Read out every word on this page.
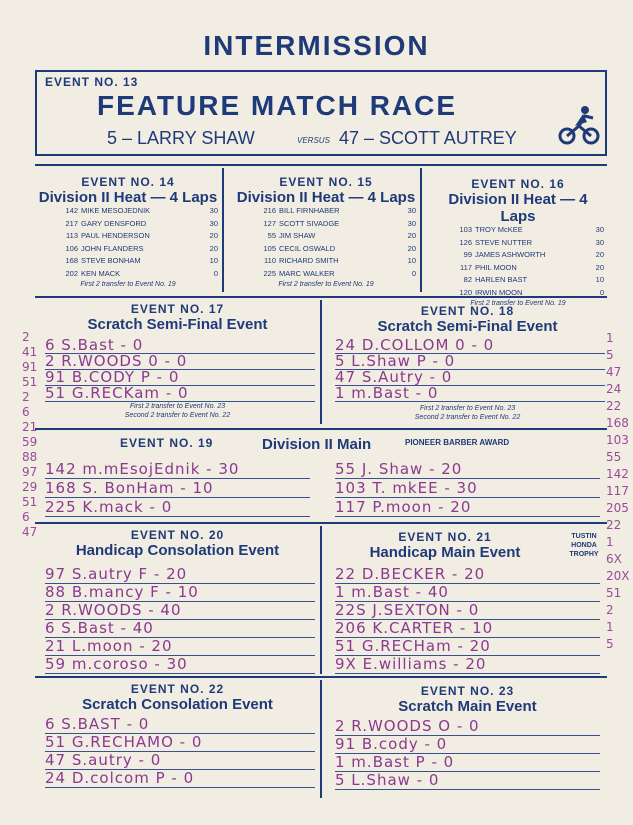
INTERMISSION
EVENT NO. 13
FEATURE MATCH RACE
5 – LARRY SHAW	VERSUS 47 – SCOTT AUTREY
EVENT NO. 14
Division II Heat — 4 Laps
142 MIKE MESOJEDNIK	30
217 GARY DENSFORD	30
113 PAUL HENDERSON	20
106 JOHN FLANDERS	20
168 STEVE BONHAM	10
202 KEN MACK	0
First 2 transfer to Event No. 19
EVENT NO. 15
Division II Heat — 4 Laps
216 BILL FIRNHABER	30
127 SCOTT SIVADGE	30
55 JIM SHAW	20
105 CECIL OSWALD	20
110 RICHARD SMITH	10
225 MARC WALKER	0
First 2 transfer to Event No. 19
EVENT NO. 16
Division II Heat — 4 Laps
103 TROY McKEE	30
126 STEVE NUTTER	30
99 JAMES ASHWORTH	20
117 PHIL MOON	20
82 HARLEN BAST	10
120 IRWIN MOON	0
First 2 transfer to Event No. 19
EVENT NO. 17
Scratch Semi-Final Event
EVENT NO. 18
Scratch Semi-Final Event
6 S.Bast - 0
2 R.WOODS 0 - 0
91 B.CODY P - 0
51 G.RECKam - 0
24 D.COLLOM 0 - 0
5 L.Shaw P - 0
47 S.Autry - 0
1 m.Bast - 0
First 2 transfer to Event No. 23
Second 2 transfer to Event No. 22
First 2 transfer to Event No. 23
Second 2 transfer to Event No. 22
EVENT NO. 19	Division II Main	PIONEER BARBER AWARD
142 m.mEsojEdnik - 30
168 S. BonHam - 10
225 K.mack - 0
55 J. Shaw - 20
103 T. mkEE - 30
117 P.moon - 20
EVENT NO. 20
Handicap Consolation Event
EVENT NO. 21
Handicap Main Event
TUSTIN HONDA TROPHY
97 S.autry F - 20
88 B.mancy F - 10
2 R.WOODS - 40
6 S.Bast - 40
21 L.moon - 20
59 m.coroso - 30
22 D.BECKER - 20
1 m.Bast - 40
22S J.SEXTON - 0
206 K.CARTER - 10
51 G.RECHam - 20
9X E.williams - 20
EVENT NO. 22
Scratch Consolation Event
EVENT NO. 23
Scratch Main Event
6 S.BAST - 0
51 G.RECHAMO - 0
47 S.autry - 0
24 D.colcom P - 0
2 R.WOODS O - 0
91 B.cody - 0
1 m.Bast P - 0
5 L.Shaw - 0
2
41
91
51
2
6
21
59
88
97
29
51
6
47
1
5
47
24
22
168
103
55
142
117
205
22
1
6X
20X
51
2
1
5
